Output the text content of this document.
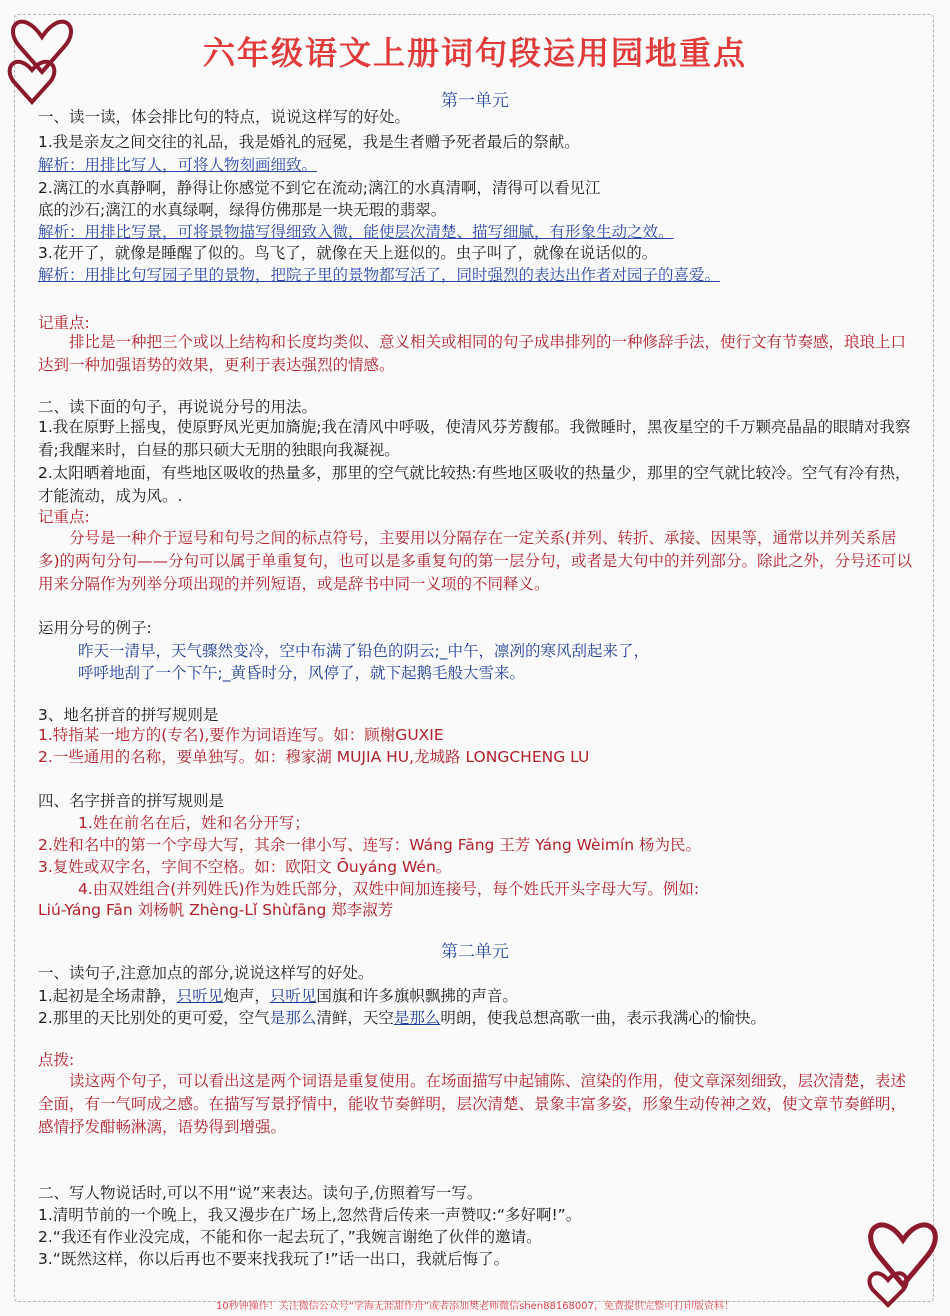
六年级语文上册词句段运用园地重点
第一单元
一、读一读，体会排比句的特点，说说这样写的好处。
1.我是亲友之间交往的礼品，我是婚礼的冠冕，我是生者赠予死者最后的祭献。
解析：用排比写人，可将人物刻画细致。
2.漓江的水真静啊，静得让你感觉不到它在流动;漓江的水真清啊，清得可以看见江
底的沙石;漓江的水真绿啊，绿得仿佛那是一块无瑕的翡翠。
解析：用排比写景，可将景物描写得细致入微，能使层次清楚、描写细腻，有形象生动之效。
3.花开了，就像是睡醒了似的。鸟飞了，就像在天上逛似的。虫子叫了，就像在说话似的。
解析：用排比句写园子里的景物，把院子里的景物都写活了，同时强烈的表达出作者对园子的喜爱。
记重点:
排比是一种把三个或以上结构和长度均类似、意义相关或相同的句子成串排列的一种修辞手法，使行文有节奏感，琅琅上口达到一种加强语势的效果，更利于表达强烈的情感。
二、读下面的句子，再说说分号的用法。
1.我在原野上摇曳，使原野凤光更加旖旎;我在清风中呼吸，使清风芬芳馥郁。我微睡时，黑夜星空的千万颗亮晶晶的眼睛对我察看;我醒来时，白昼的那只硕大无朋的独眼向我凝视。
2.太阳晒着地面，有些地区吸收的热量多，那里的空气就比较热:有些地区吸收的热量少，那里的空气就比较冷。空气有冷有热，才能流动，成为风。.
记重点:
分号是一种介于逗号和句号之间的标点符号，主要用以分隔存在一定关系(并列、转折、承接、因果等，通常以并列关系居多)的两句分句——分句可以属于单重复句，也可以是多重复句的第一层分句，或者是大句中的并列部分。除此之外，分号还可以用来分隔作为列举分项出现的并列短语，或是辞书中同一义项的不同释义。
运用分号的例子:
昨天一清早，天气骤然变冷，空中布满了铅色的阴云;_中午，凛冽的寒风刮起来了，
呼呼地刮了一个下午;_黄昏时分，风停了，就下起鹅毛般大雪来。
3、地名拼音的拼写规则是
1.特指某一地方的(专名),要作为词语连写。如：顾榭GUXIE
2.一些通用的名称，要单独写。如：穆家湖 MUJIA HU,龙城路 LONGCHENG LU
四、名字拼音的拼写规则是
1.姓在前名在后，姓和名分开写；
2.姓和名中的第一个字母大写，其余一律小写、连写：Wáng Fāng 王芳 Yáng Wèimín 杨为民。
3.复姓或双字名，字间不空格。如：欧阳文 Ōuyáng Wén。
4.由双姓组合(并列姓氏)作为姓氏部分，双姓中间加连接号，每个姓氏开头字母大写。例如:
Liú-Yáng Fān 刘杨帆 Zhèng-Lǐ Shùfāng 郑李淑芳
第二单元
一、读句子,注意加点的部分,说说这样写的好处。
1.起初是全场肃静，只听见炮声，只听见国旗和许多旗帜飘拂的声音。
2.那里的天比别处的更可爱，空气是那么清鲜，天空是那么明朗，使我总想高歌一曲，表示我满心的愉快。
点拨:
读这两个句子，可以看出这是两个词语是重复使用。在场面描写中起铺陈、渲染的作用，使文章深刻细致，层次清楚，表述全面，有一气呵成之感。在描写写景抒情中，能收节奏鲜明，层次清楚、景象丰富多姿，形象生动传神之效，使文章节奏鲜明，感情抒发酣畅淋漓，语势得到增强。
二、写人物说话时,可以不用“说”来表达。读句子,仿照着写一写。
1.清明节前的一个晚上，我又漫步在广场上,忽然背后传来一声赞叹:“多好啊!”。
2.“我还有作业没完成，不能和你一起去玩了，”我婉言谢绝了伙伴的邀请。
3.“既然这样，你以后再也不要来找我玩了!”话一出口，我就后悔了。
10秒钟操作！关注微信公众号“学海无涯甜作舟”或者添加樊老师微信shen88168007，免费提供完整可打印版资料！
